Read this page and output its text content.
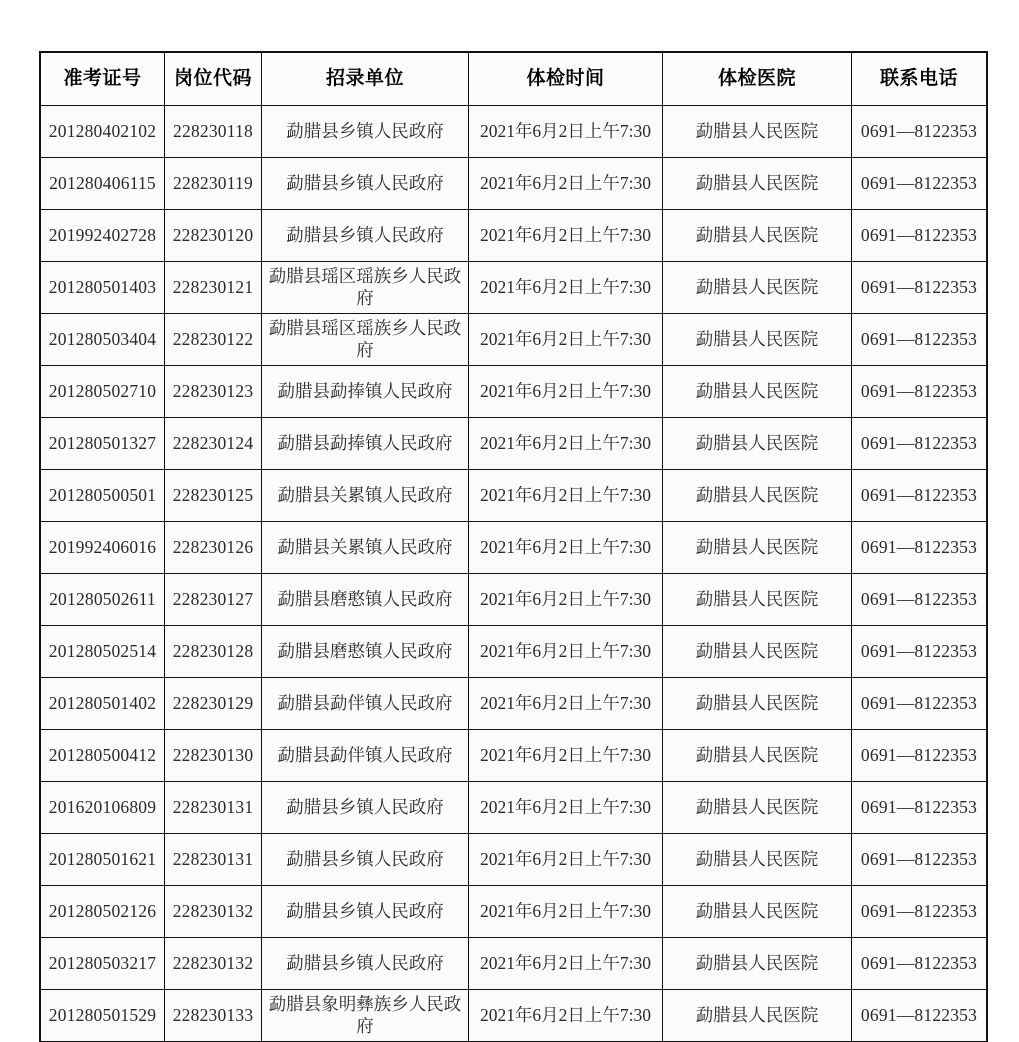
准考证号	岗位代码	招录单位	体检时间	体检医院	联系电话
201280402102	228230118	勐腊县乡镇人民政府	2021年6月2日上午7:30	勐腊县人民医院	0691—8122353
201280406115	228230119	勐腊县乡镇人民政府	2021年6月2日上午7:30	勐腊县人民医院	0691—8122353
201992402728	228230120	勐腊县乡镇人民政府	2021年6月2日上午7:30	勐腊县人民医院	0691—8122353
201280501403	228230121	勐腊县瑶区瑶族乡人民政府	2021年6月2日上午7:30	勐腊县人民医院	0691—8122353
201280503404	228230122	勐腊县瑶区瑶族乡人民政府	2021年6月2日上午7:30	勐腊县人民医院	0691—8122353
201280502710	228230123	勐腊县勐捧镇人民政府	2021年6月2日上午7:30	勐腊县人民医院	0691—8122353
201280501327	228230124	勐腊县勐捧镇人民政府	2021年6月2日上午7:30	勐腊县人民医院	0691—8122353
201280500501	228230125	勐腊县关累镇人民政府	2021年6月2日上午7:30	勐腊县人民医院	0691—8122353
201992406016	228230126	勐腊县关累镇人民政府	2021年6月2日上午7:30	勐腊县人民医院	0691—8122353
201280502611	228230127	勐腊县磨憨镇人民政府	2021年6月2日上午7:30	勐腊县人民医院	0691—8122353
201280502514	228230128	勐腊县磨憨镇人民政府	2021年6月2日上午7:30	勐腊县人民医院	0691—8122353
201280501402	228230129	勐腊县勐伴镇人民政府	2021年6月2日上午7:30	勐腊县人民医院	0691—8122353
201280500412	228230130	勐腊县勐伴镇人民政府	2021年6月2日上午7:30	勐腊县人民医院	0691—8122353
201620106809	228230131	勐腊县乡镇人民政府	2021年6月2日上午7:30	勐腊县人民医院	0691—8122353
201280501621	228230131	勐腊县乡镇人民政府	2021年6月2日上午7:30	勐腊县人民医院	0691—8122353
201280502126	228230132	勐腊县乡镇人民政府	2021年6月2日上午7:30	勐腊县人民医院	0691—8122353
201280503217	228230132	勐腊县乡镇人民政府	2021年6月2日上午7:30	勐腊县人民医院	0691—8122353
201280501529	228230133	勐腊县象明彝族乡人民政府	2021年6月2日上午7:30	勐腊县人民医院	0691—8122353
